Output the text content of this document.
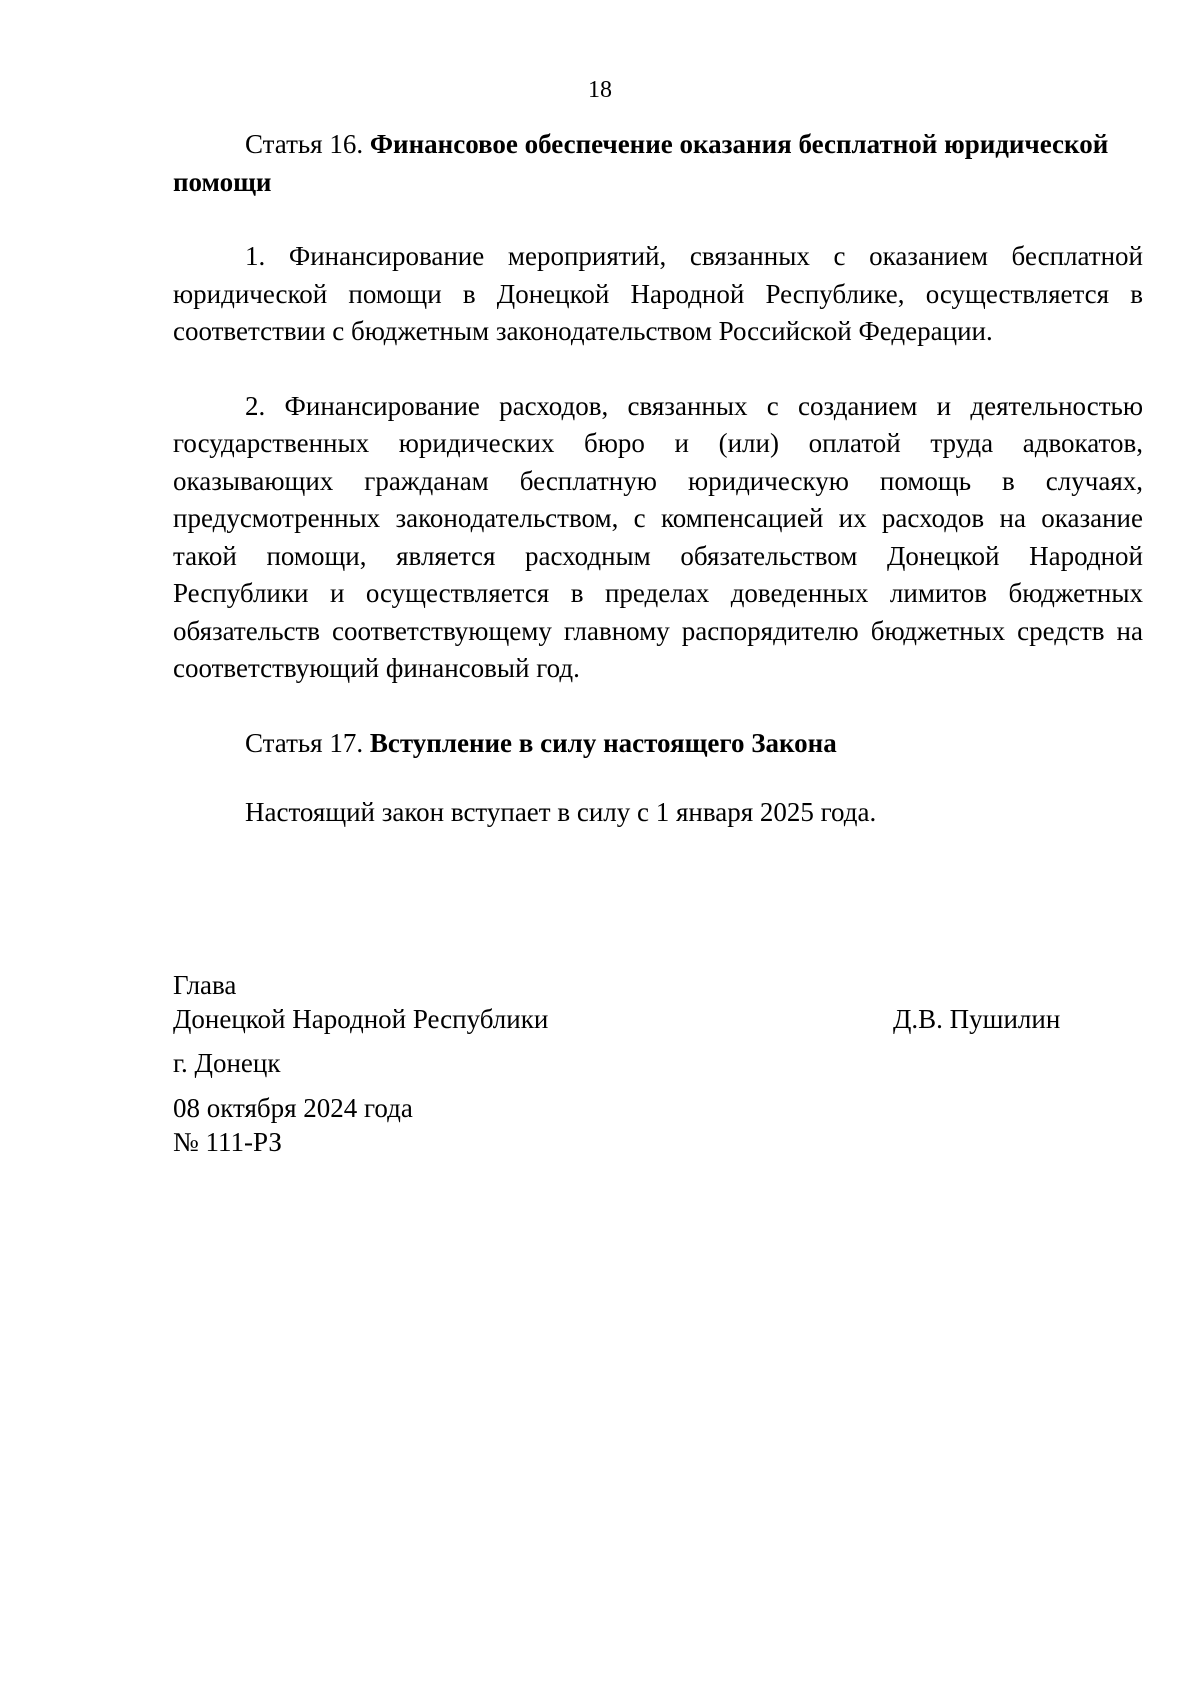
18

Статья 16. Финансовое обеспечение оказания бесплатной юридической помощи

1. Финансирование мероприятий, связанных с оказанием бесплатной юридической помощи в Донецкой Народной Республике, осуществляется в соответствии с бюджетным законодательством Российской Федерации.

2. Финансирование расходов, связанных с созданием и деятельностью государственных юридических бюро и (или) оплатой труда адвокатов, оказывающих гражданам бесплатную юридическую помощь в случаях, предусмотренных законодательством, с компенсацией их расходов на оказание такой помощи, является расходным обязательством Донецкой Народной Республики и осуществляется в пределах доведенных лимитов бюджетных обязательств соответствующему главному распорядителю бюджетных средств на соответствующий финансовый год.

Статья 17. Вступление в силу настоящего Закона

Настоящий закон вступает в силу с 1 января 2025 года.

Глава
Донецкой Народной Республики	Д.В. Пушилин
г. Донецк
08 октября 2024 года
№ 111-РЗ
